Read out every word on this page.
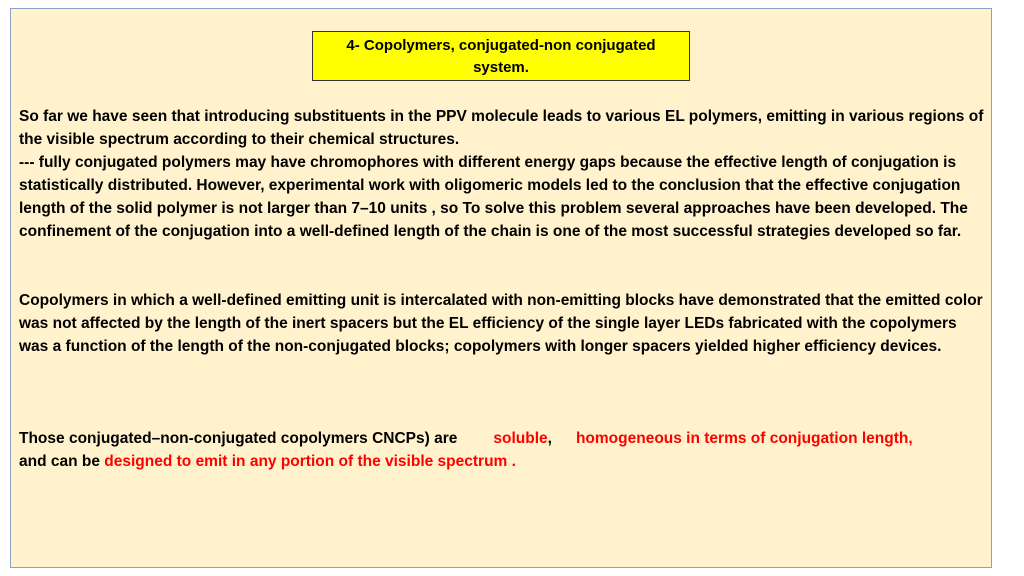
4- Copolymers, conjugated-non conjugated system.

So far we have seen that introducing substituents in the PPV molecule leads to various EL polymers, emitting in various regions of the visible spectrum according to their chemical structures.
--- fully conjugated polymers may have chromophores with different energy gaps because the effective length of conjugation is statistically distributed. However, experimental work with oligomeric models led to the conclusion that the effective conjugation length of the solid polymer is not larger than 7–10 units , so To solve this problem several approaches have been developed. The confinement of the conjugation into a well-defined length of the chain is one of the most successful strategies developed so far.

Copolymers in which a well-defined emitting unit is intercalated with non-emitting blocks have demonstrated that the emitted color was not affected by the length of the inert spacers but the EL efficiency of the single layer LEDs fabricated with the copolymers was a function of the length of the non-conjugated blocks; copolymers with longer spacers yielded higher efficiency devices.

Those conjugated–non-conjugated copolymers CNCPs) are soluble, homogeneous in terms of conjugation length,
and can be designed to emit in any portion of the visible spectrum .
